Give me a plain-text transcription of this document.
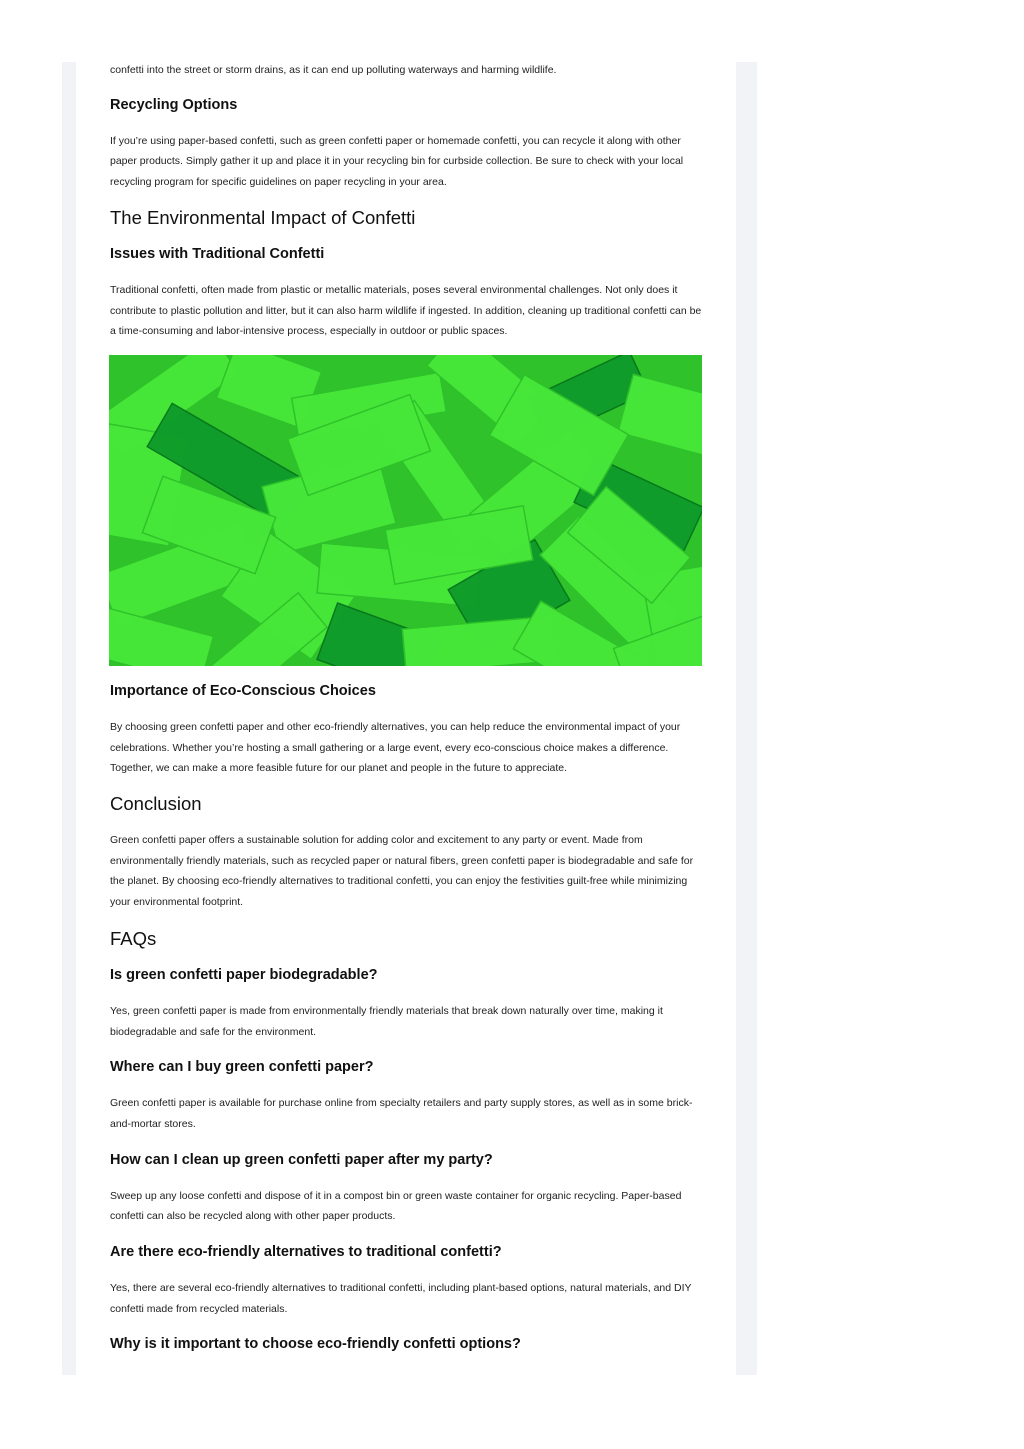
confetti into the street or storm drains, as it can end up polluting waterways and harming wildlife.

Recycling Options

If you’re using paper-based confetti, such as green confetti paper or homemade confetti, you can recycle it along with other paper products. Simply gather it up and place it in your recycling bin for curbside collection. Be sure to check with your local recycling program for specific guidelines on paper recycling in your area.

The Environmental Impact of Confetti
Issues with Traditional Confetti

Traditional confetti, often made from plastic or metallic materials, poses several environmental challenges. Not only does it contribute to plastic pollution and litter, but it can also harm wildlife if ingested. In addition, cleaning up traditional confetti can be a time-consuming and labor-intensive process, especially in outdoor or public spaces.

Importance of Eco-Conscious Choices

By choosing green confetti paper and other eco-friendly alternatives, you can help reduce the environmental impact of your celebrations. Whether you’re hosting a small gathering or a large event, every eco-conscious choice makes a difference. Together, we can make a more feasible future for our planet and people in the future to appreciate.

Conclusion

Green confetti paper offers a sustainable solution for adding color and excitement to any party or event. Made from environmentally friendly materials, such as recycled paper or natural fibers, green confetti paper is biodegradable and safe for the planet. By choosing eco-friendly alternatives to traditional confetti, you can enjoy the festivities guilt-free while minimizing your environmental footprint.

FAQs
Is green confetti paper biodegradable?

Yes, green confetti paper is made from environmentally friendly materials that break down naturally over time, making it biodegradable and safe for the environment.

Where can I buy green confetti paper?

Green confetti paper is available for purchase online from specialty retailers and party supply stores, as well as in some brick-and-mortar stores.

How can I clean up green confetti paper after my party?

Sweep up any loose confetti and dispose of it in a compost bin or green waste container for organic recycling. Paper-based confetti can also be recycled along with other paper products.

Are there eco-friendly alternatives to traditional confetti?

Yes, there are several eco-friendly alternatives to traditional confetti, including plant-based options, natural materials, and DIY confetti made from recycled materials.

Why is it important to choose eco-friendly confetti options?
